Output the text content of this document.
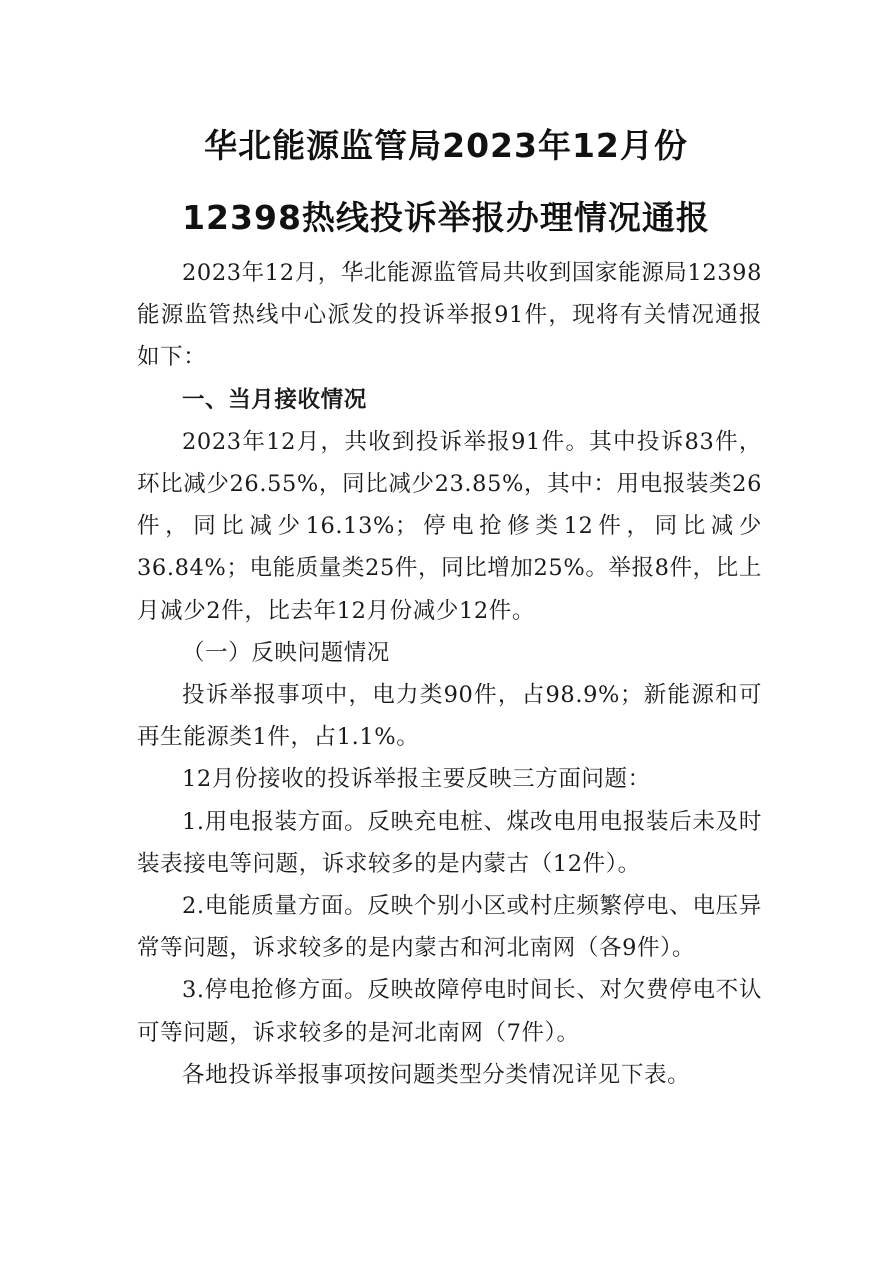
华北能源监管局2023年12月份
12398热线投诉举报办理情况通报

2023年12月，华北能源监管局共收到国家能源局12398能源监管热线中心派发的投诉举报91件，现将有关情况通报如下：

一、当月接收情况

2023年12月，共收到投诉举报91件。其中投诉83件，环比减少26.55%，同比减少23.85%，其中：用电报装类26件，同比减少16.13%；停电抢修类12件，同比减少36.84%；电能质量类25件，同比增加25%。举报8件，比上月减少2件，比去年12月份减少12件。

（一）反映问题情况

投诉举报事项中，电力类90件，占98.9%；新能源和可再生能源类1件，占1.1%。

12月份接收的投诉举报主要反映三方面问题：

1.用电报装方面。反映充电桩、煤改电用电报装后未及时装表接电等问题，诉求较多的是内蒙古（12件）。

2.电能质量方面。反映个别小区或村庄频繁停电、电压异常等问题，诉求较多的是内蒙古和河北南网（各9件）。

3.停电抢修方面。反映故障停电时间长、对欠费停电不认可等问题，诉求较多的是河北南网（7件）。

各地投诉举报事项按问题类型分类情况详见下表。
